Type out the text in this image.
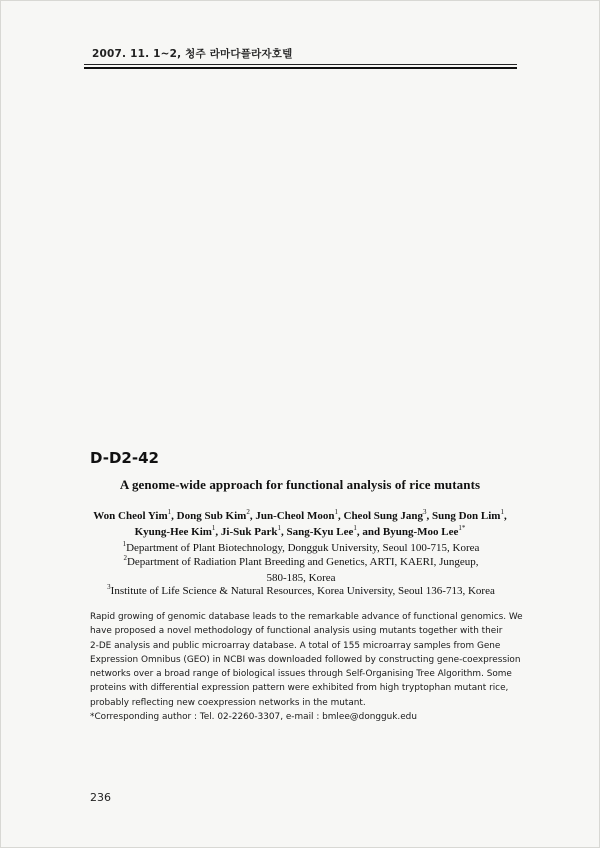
2007. 11. 1~2, 청주 라마다플라자호텔
D-D2-42
A genome-wide approach for functional analysis of rice mutants
Won Cheol Yim$^1$, Dong Sub Kim$^2$, Jun-Cheol Moon$^1$, Cheol Sung Jang$^3$, Sung Don Lim$^1$, Kyung-Hee Kim$^1$, Ji-Suk Park$^1$, Sang-Kyu Lee$^1$, and Byung-Moo Lee$^{1*}$
$^1$Department of Plant Biotechnology, Dongguk University, Seoul 100-715, Korea
$^2$Department of Radiation Plant Breeding and Genetics, ARTI, KAERI, Jungeup,
580-185, Korea
$^3$Institute of Life Science & Natural Resources, Korea University, Seoul 136-713, Korea
Rapid growing of genomic database leads to the remarkable advance of functional genomics. We
have proposed a novel methodology of functional analysis using mutants together with their
2-DE analysis and public microarray database. A total of 155 microarray samples from Gene
Expression Omnibus (GEO) in NCBI was downloaded followed by constructing gene-coexpression
networks over a broad range of biological issues through Self-Organising Tree Algorithm. Some
proteins with differential expression pattern were exhibited from high tryptophan mutant rice,
probably reflecting new coexpression networks in the mutant.
*Corresponding author : Tel. 02-2260-3307, e-mail : bmlee@dongguk.edu
236
